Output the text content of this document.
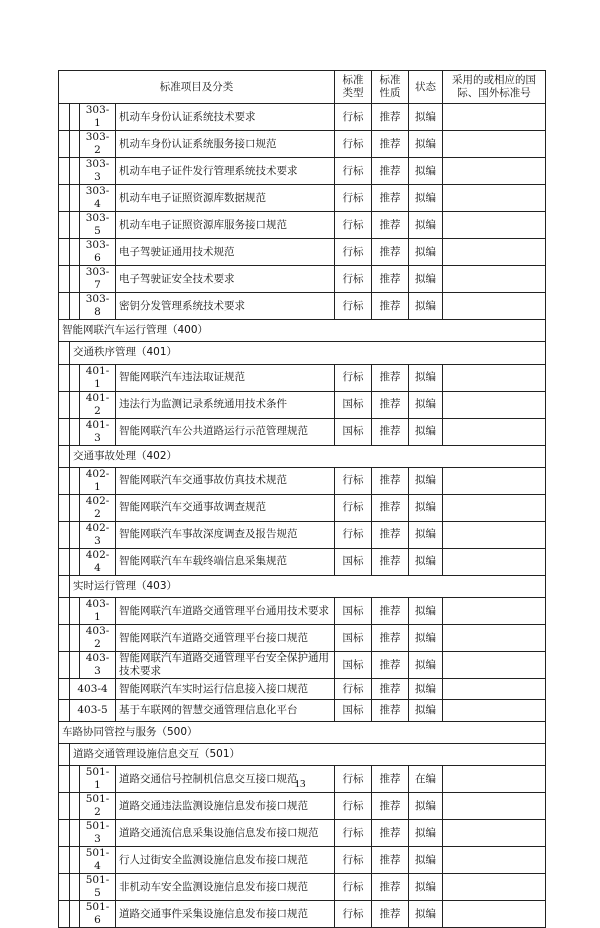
标准项目及分类				标准类型	标准性质	状态	采用的或相应的国际、国外标准号
		303-1	机动车身份认证系统技术要求	行标	推荐	拟编	
		303-2	机动车身份认证系统服务接口规范	行标	推荐	拟编	
		303-3	机动车电子证件发行管理系统技术要求	行标	推荐	拟编	
		303-4	机动车电子证照资源库数据规范	行标	推荐	拟编	
		303-5	机动车电子证照资源库服务接口规范	行标	推荐	拟编	
		303-6	电子驾驶证通用技术规范	行标	推荐	拟编	
		303-7	电子驾驶证安全技术要求	行标	推荐	拟编	
		303-8	密钥分发管理系统技术要求	行标	推荐	拟编	
智能网联汽车运行管理（400）							
	交通秩序管理（401）						
		401-1	智能网联汽车违法取证规范	行标	推荐	拟编	
		401-2	违法行为监测记录系统通用技术条件	国标	推荐	拟编	
		401-3	智能网联汽车公共道路运行示范管理规范	国标	推荐	拟编	
	交通事故处理（402）						
		402-1	智能网联汽车交通事故仿真技术规范	行标	推荐	拟编	
		402-2	智能网联汽车交通事故调查规范	行标	推荐	拟编	
		402-3	智能网联汽车事故深度调查及报告规范	行标	推荐	拟编	
		402-4	智能网联汽车车载终端信息采集规范	国标	推荐	拟编	
	实时运行管理（403）						
		403-1	智能网联汽车道路交通管理平台通用技术要求	国标	推荐	拟编	
		403-2	智能网联汽车道路交通管理平台接口规范	国标	推荐	拟编	
		403-3	智能网联汽车道路交通管理平台安全保护通用技术要求	国标	推荐	拟编	
	403-4		智能网联汽车实时运行信息接入接口规范	行标	推荐	拟编	
	403-5		基于车联网的智慧交通管理信息化平台	国标	推荐	拟编	
车路协同管控与服务（500）							
	道路交通管理设施信息交互（501）						
		501-1	道路交通信号控制机信息交互接口规范	行标	推荐	在编	
		501-2	道路交通违法监测设施信息发布接口规范	行标	推荐	拟编	
		501-3	道路交通流信息采集设施信息发布接口规范	行标	推荐	拟编	
		501-4	行人过街安全监测设施信息发布接口规范	行标	推荐	拟编	
		501-5	非机动车安全监测设施信息发布接口规范	行标	推荐	拟编	
		501-6	道路交通事件采集设施信息发布接口规范	行标	推荐	拟编	
13
